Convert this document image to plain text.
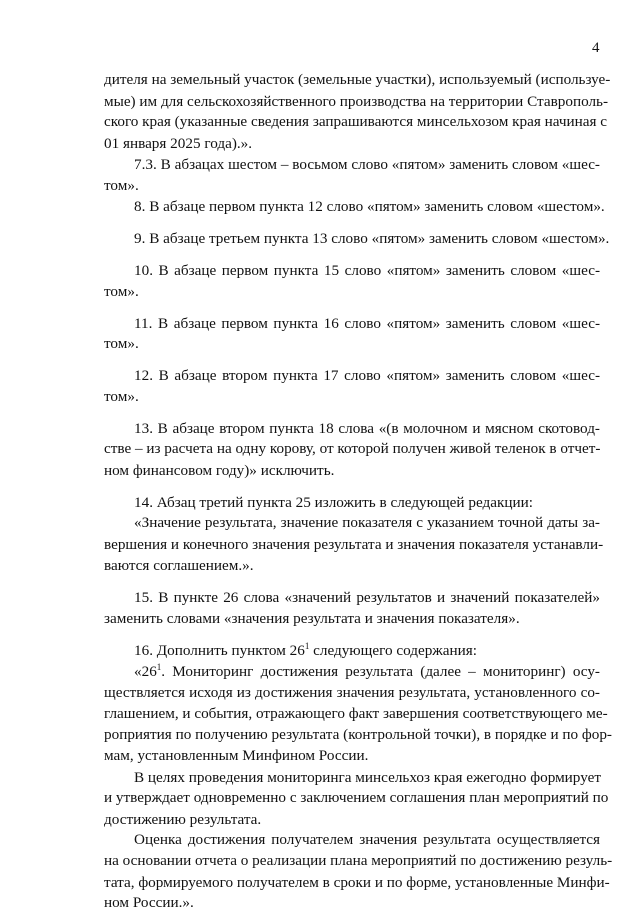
4
дителя на земельный участок (земельные участки), используемый (используе-
мые) им для сельскохозяйственного производства на территории Ставрополь-
ского края (указанные сведения запрашиваются минсельхозом края начиная с
01 января 2025 года).».
7.3. В абзацах шестом – восьмом слово «пятом» заменить словом «шес-
том».
8. В абзаце первом пункта 12 слово «пятом» заменить словом «шестом».
9. В абзаце третьем пункта 13 слово «пятом» заменить словом «шестом».
10. В абзаце первом пункта 15 слово «пятом» заменить словом «шес-
том».
11. В абзаце первом пункта 16 слово «пятом» заменить словом «шес-
том».
12. В абзаце втором пункта 17 слово «пятом» заменить словом «шес-
том».
13. В абзаце втором пункта 18 слова «(в молочном и мясном скотовод-
стве – из расчета на одну корову, от которой получен живой теленок в отчет-
ном финансовом году)» исключить.
14. Абзац третий пункта 25 изложить в следующей редакции:
«Значение результата, значение показателя с указанием точной даты за-
вершения и конечного значения результата и значения показателя устанавли-
ваются соглашением.».
15. В пункте 26 слова «значений результатов и значений показателей»
заменить словами «значения результата и значения показателя».
16. Дополнить пунктом $26^1$ следующего содержания:
«$26^1$. Мониторинг достижения результата (далее – мониторинг) осу-
ществляется исходя из достижения значения результата, установленного со-
глашением, и события, отражающего факт завершения соответствующего ме-
роприятия по получению результата (контрольной точки), в порядке и по фор-
мам, установленным Минфином России.
В целях проведения мониторинга минсельхоз края ежегодно формирует
и утверждает одновременно с заключением соглашения план мероприятий по
достижению результата.
Оценка достижения получателем значения результата осуществляется
на основании отчета о реализации плана мероприятий по достижению резуль-
тата, формируемого получателем в сроки и по форме, установленные Минфи-
ном России.».
